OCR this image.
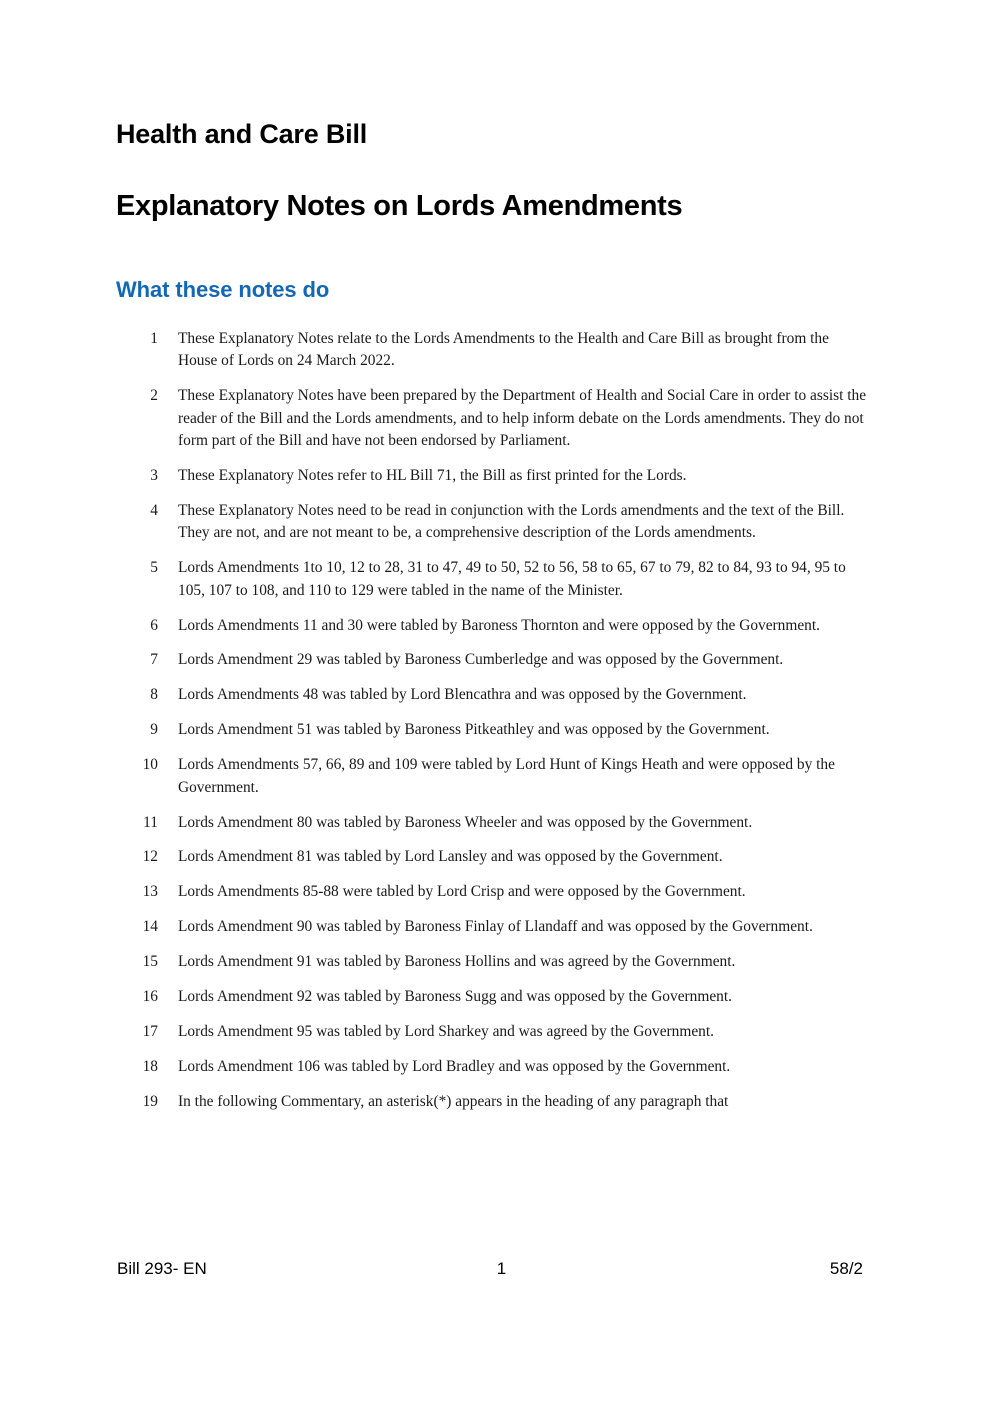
Health and Care Bill
Explanatory Notes on Lords Amendments
What these notes do
1 These Explanatory Notes relate to the Lords Amendments to the Health and Care Bill as brought from the House of Lords on 24 March 2022.
2 These Explanatory Notes have been prepared by the Department of Health and Social Care in order to assist the reader of the Bill and the Lords amendments, and to help inform debate on the Lords amendments. They do not form part of the Bill and have not been endorsed by Parliament.
3 These Explanatory Notes refer to HL Bill 71, the Bill as first printed for the Lords.
4 These Explanatory Notes need to be read in conjunction with the Lords amendments and the text of the Bill. They are not, and are not meant to be, a comprehensive description of the Lords amendments.
5 Lords Amendments 1to 10, 12 to 28, 31 to 47, 49 to 50, 52 to 56, 58 to 65, 67 to 79, 82 to 84, 93 to 94, 95 to 105, 107 to 108, and 110 to 129 were tabled in the name of the Minister.
6 Lords Amendments 11 and 30 were tabled by Baroness Thornton and were opposed by the Government.
7 Lords Amendment 29 was tabled by Baroness Cumberledge and was opposed by the Government.
8 Lords Amendments 48 was tabled by Lord Blencathra and was opposed by the Government.
9 Lords Amendment 51 was tabled by Baroness Pitkeathley and was opposed by the Government.
10 Lords Amendments 57, 66, 89 and 109 were tabled by Lord Hunt of Kings Heath and were opposed by the Government.
11 Lords Amendment 80 was tabled by Baroness Wheeler and was opposed by the Government.
12 Lords Amendment 81 was tabled by Lord Lansley and was opposed by the Government.
13 Lords Amendments 85-88 were tabled by Lord Crisp and were opposed by the Government.
14 Lords Amendment 90 was tabled by Baroness Finlay of Llandaff and was opposed by the Government.
15 Lords Amendment 91 was tabled by Baroness Hollins and was agreed by the Government.
16 Lords Amendment 92 was tabled by Baroness Sugg and was opposed by the Government.
17 Lords Amendment 95 was tabled by Lord Sharkey and was agreed by the Government.
18 Lords Amendment 106 was tabled by Lord Bradley and was opposed by the Government.
19 In the following Commentary, an asterisk(*) appears in the heading of any paragraph that
Bill 293- EN	1	58/2
